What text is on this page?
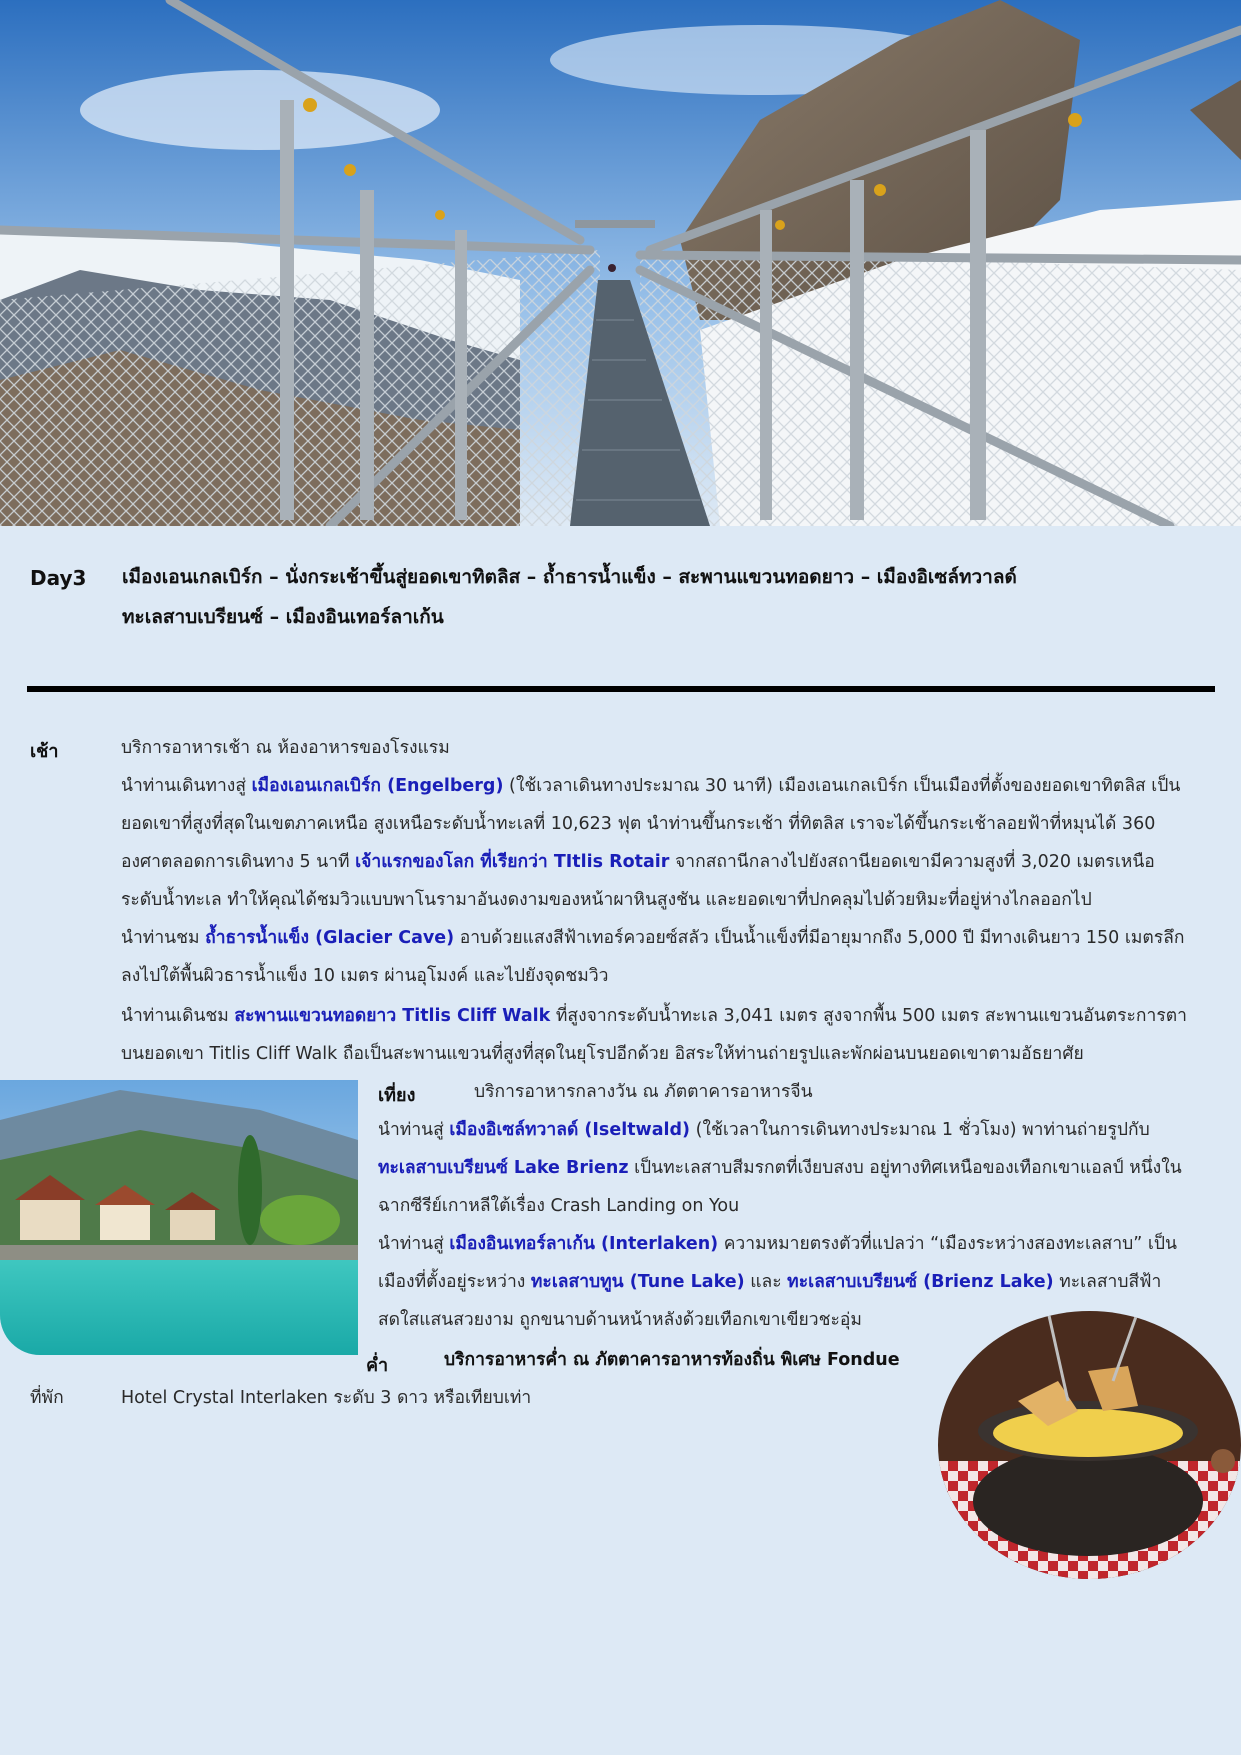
Day3 เมืองเอนเกลเบิร์ก – นั่งกระเช้าขึ้นสู่ยอดเขาทิตลิส – ถ้ำธารน้ำแข็ง – สะพานแขวนทอดยาว – เมืองอิเซล์ทวาลด์
ทะเลสาบเบรียนซ์ – เมืองอินเทอร์ลาเก้น
เช้า	บริการอาหารเช้า ณ ห้องอาหารของโรงแรม
นำท่านเดินทางสู่ เมืองเอนเกลเบิร์ก (Engelberg) (ใช้เวลาเดินทางประมาณ 30 นาที) เมืองเอนเกลเบิร์ก เป็นเมืองที่ตั้งของยอดเขาทิตลิส เป็น
ยอดเขาที่สูงที่สุดในเขตภาคเหนือ สูงเหนือระดับน้ำทะเลที่ 10,623 ฟุต นำท่านขึ้นกระเช้า ที่ทิตลิส เราจะได้ขึ้นกระเช้าลอยฟ้าที่หมุนได้ 360
องศาตลอดการเดินทาง 5 นาที เจ้าแรกของโลก ที่เรียกว่า TItlis Rotair จากสถานีกลางไปยังสถานียอดเขามีความสูงที่ 3,020 เมตรเหนือ
ระดับน้ำทะเล ทำให้คุณได้ชมวิวแบบพาโนรามาอันงดงามของหน้าผาหินสูงชัน และยอดเขาที่ปกคลุมไปด้วยหิมะที่อยู่ห่างไกลออกไป
นำท่านชม ถ้ำธารน้ำแข็ง (Glacier Cave) อาบด้วยแสงสีฟ้าเทอร์ควอยซ์สลัว เป็นน้ำแข็งที่มีอายุมากถึง 5,000 ปี มีทางเดินยาว 150 เมตรลึก
ลงไปใต้พื้นผิวธารน้ำแข็ง 10 เมตร ผ่านอุโมงค์ และไปยังจุดชมวิว
นำท่านเดินชม สะพานแขวนทอดยาว Titlis Cliff Walk ที่สูงจากระดับน้ำทะเล 3,041 เมตร สูงจากพื้น 500 เมตร สะพานแขวนอันตระการตา
บนยอดเขา Titlis Cliff Walk ถือเป็นสะพานแขวนที่สูงที่สุดในยุโรปอีกด้วย อิสระให้ท่านถ่ายรูปและพักผ่อนบนยอดเขาตามอัธยาศัย
เที่ยง	บริการอาหารกลางวัน ณ ภัตตาคารอาหารจีน
นำท่านสู่ เมืองอิเซล์ทวาลด์ (Iseltwald) (ใช้เวลาในการเดินทางประมาณ 1 ชั่วโมง) พาท่านถ่ายรูปกับ
ทะเลสาบเบรียนซ์ Lake Brienz เป็นทะเลสาบสีมรกตที่เงียบสงบ อยู่ทางทิศเหนือของเทือกเขาแอลป์ หนึ่งใน
ฉากซีรีย์เกาหลีใต้เรื่อง Crash Landing on You
นำท่านสู่ เมืองอินเทอร์ลาเก้น (Interlaken) ความหมายตรงตัวที่แปลว่า “เมืองระหว่างสองทะเลสาบ” เป็น
เมืองที่ตั้งอยู่ระหว่าง ทะเลสาบทูน (Tune Lake) และ ทะเลสาบเบรียนซ์ (Brienz Lake) ทะเลสาบสีฟ้า
สดใสแสนสวยงาม ถูกขนาบด้านหน้าหลังด้วยเทือกเขาเขียวชะอุ่ม
ค่ำ	บริการอาหารค่ำ ณ ภัตตาคารอาหารท้องถิ่น พิเศษ Fondue
ที่พัก	Hotel Crystal Interlaken ระดับ 3 ดาว หรือเทียบเท่า
